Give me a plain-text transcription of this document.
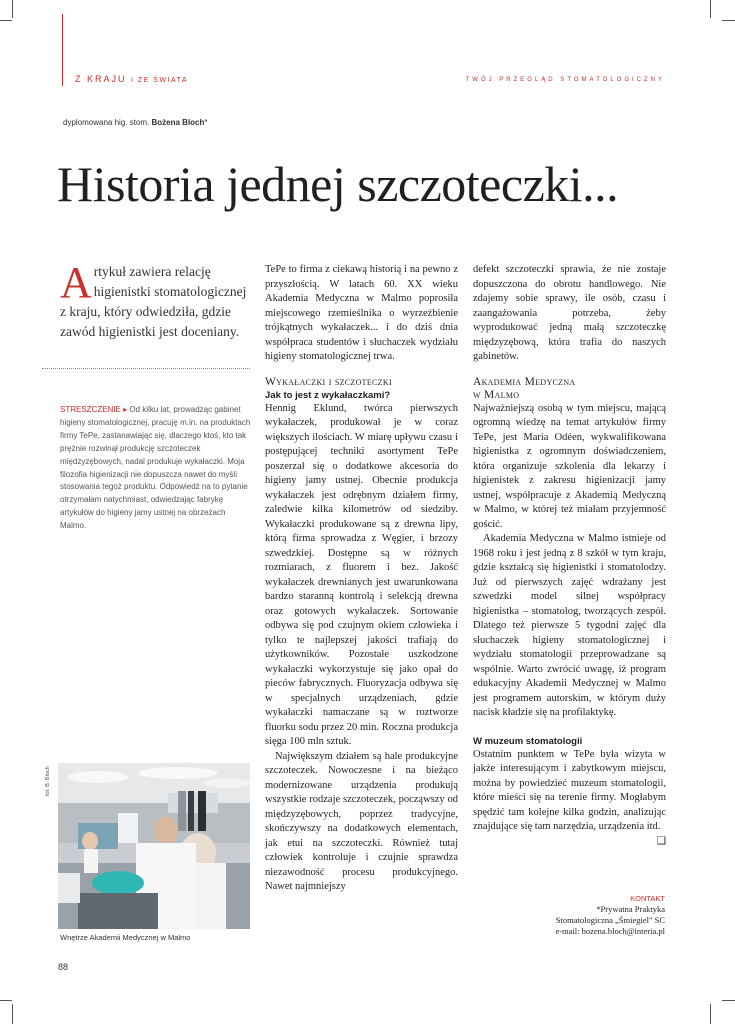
Z KRAJU I ZE ŚWIATA	TWÓJ PRZEGLĄD STOMATOLOGICZNY
dyplomowana hig. stom. Bożena Bloch*
Historia jednej szczoteczki...
A rtykuł zawiera relację higienistki stomatologicznej z kraju, który odwiedziła, gdzie zawód higienistki jest doceniany.
STRESZCZENIE ▸ Od kilku lat, prowadząc gabinet higieny stomatologicznej, pracuję m.in. na produktach firmy TePe, zastanawiając się, dlaczego ktoś, kto tak prężnie rozwinął produkcję szczoteczek międzyzębowych, nadal produkuje wykałaczki. Moja filozofia higienizacji nie dopuszcza nawet do myśli stosowania tegoż produktu. Odpowiedź na to pytanie otrzymałam natychmiast, odwiedzając fabrykę artykułów do higieny jamy ustnej na obrzeżach Malmo.
fot. B. Bloch
Wnętrze Akademii Medycznej w Malmo

TePe to firma z ciekawą historią i na pewno z przyszłością. W latach 60. XX wieku Akademia Medyczna w Malmo poprosiła miejscowego rzemieślnika o wyrzeźbienie trójkątnych wykałaczek... i do dziś dnia współpraca studentów i słuchaczek wydziału higieny stomatologicznej trwa.

Wykałaczki i szczoteczki
Jak to jest z wykałaczkami?

Hennig Eklund, twórca pierwszych wykałaczek, produkował je w coraz większych ilościach. W miarę upływu czasu i postępującej techniki asortyment TePe poszerzał się o dodatkowe akcesoria do higieny jamy ustnej. Obecnie produkcja wykałaczek jest odrębnym działem firmy, zaledwie kilka kilometrów od siedziby. Wykałaczki produkowane są z drewna lipy, którą firma sprowadza z Węgier, i brzozy szwedzkiej. Dostępne są w różnych rozmiarach, z fluorem i bez. Jakość wykałaczek drewnianych jest uwarunkowana bardzo staranną kontrolą i selekcją drewna oraz gotowych wykałaczek. Sortowanie odbywa się pod czujnym okiem człowieka i tylko te najlepszej jakości trafiają do użytkowników. Pozostałe uszkodzone wykałaczki wykorzystuje się jako opał do pieców fabrycznych. Fluoryzacja odbywa się w specjalnych urządzeniach, gdzie wykałaczki namaczane są w roztworze fluorku sodu przez 20 min. Roczna produkcja sięga 100 mln sztuk.

Największym działem są hale produkcyjne szczoteczek. Nowoczesne i na bieżąco modernizowane urządzenia produkują wszystkie rodzaje szczoteczek, począwszy od międzyzębowych, poprzez tradycyjne, skończywszy na dodatkowych elementach, jak etui na szczoteczki. Również tutaj człowiek kontroluje i czujnie sprawdza niezawodność procesu produkcyjnego. Nawet najmniejszy

defekt szczoteczki sprawia, że nie zostaje dopuszczona do obrotu handlowego. Nie zdajemy sobie sprawy, ile osób, czasu i zaangażowania potrzeba, żeby wyprodukować jedną małą szczoteczkę międzyzębową, która trafia do naszych gabinetów.

Akademia Medyczna
w Malmo

Najważniejszą osobą w tym miejscu, mającą ogromną wiedzę na temat artykułów firmy TePe, jest Maria Odéen, wykwalifikowana higienistka z ogromnym doświadczeniem, która organizuje szkolenia dla lekarzy i higienistek z zakresu higienizacji jamy ustnej, współpracuje z Akademią Medyczną w Malmo, w której też miałam przyjemność gościć.

Akademia Medyczna w Malmo istnieje od 1968 roku i jest jedną z 8 szkół w tym kraju, gdzie kształcą się higienistki i stomatolodzy. Już od pierwszych zajęć wdrażany jest szwedzki model silnej współpracy higienistka – stomatolog, tworzących zespół. Dlatego też pierwsze 5 tygodni zajęć dla słuchaczek higieny stomatologicznej i wydziału stomatologii przeprowadzane są wspólnie. Warto zwrócić uwagę, iż program edukacyjny Akademii Medycznej w Malmo jest programem autorskim, w którym duży nacisk kładzie się na profilaktykę.

W muzeum stomatologii

Ostatnim punktem w TePe była wizyta w jakże interesującym i zabytkowym miejscu, można by powiedzieć muzeum stomatologii, które mieści się na terenie firmy. Mogłabym spędzić tam kolejne kilka godzin, analizując znajdujące się tam narzędzia, urządzenia itd.
❑

KONTAKT
*Prywatna Praktyka
Stomatologiczna „Śmiegiel" SC
e-mail: bozena.bloch@interia.pl
88
